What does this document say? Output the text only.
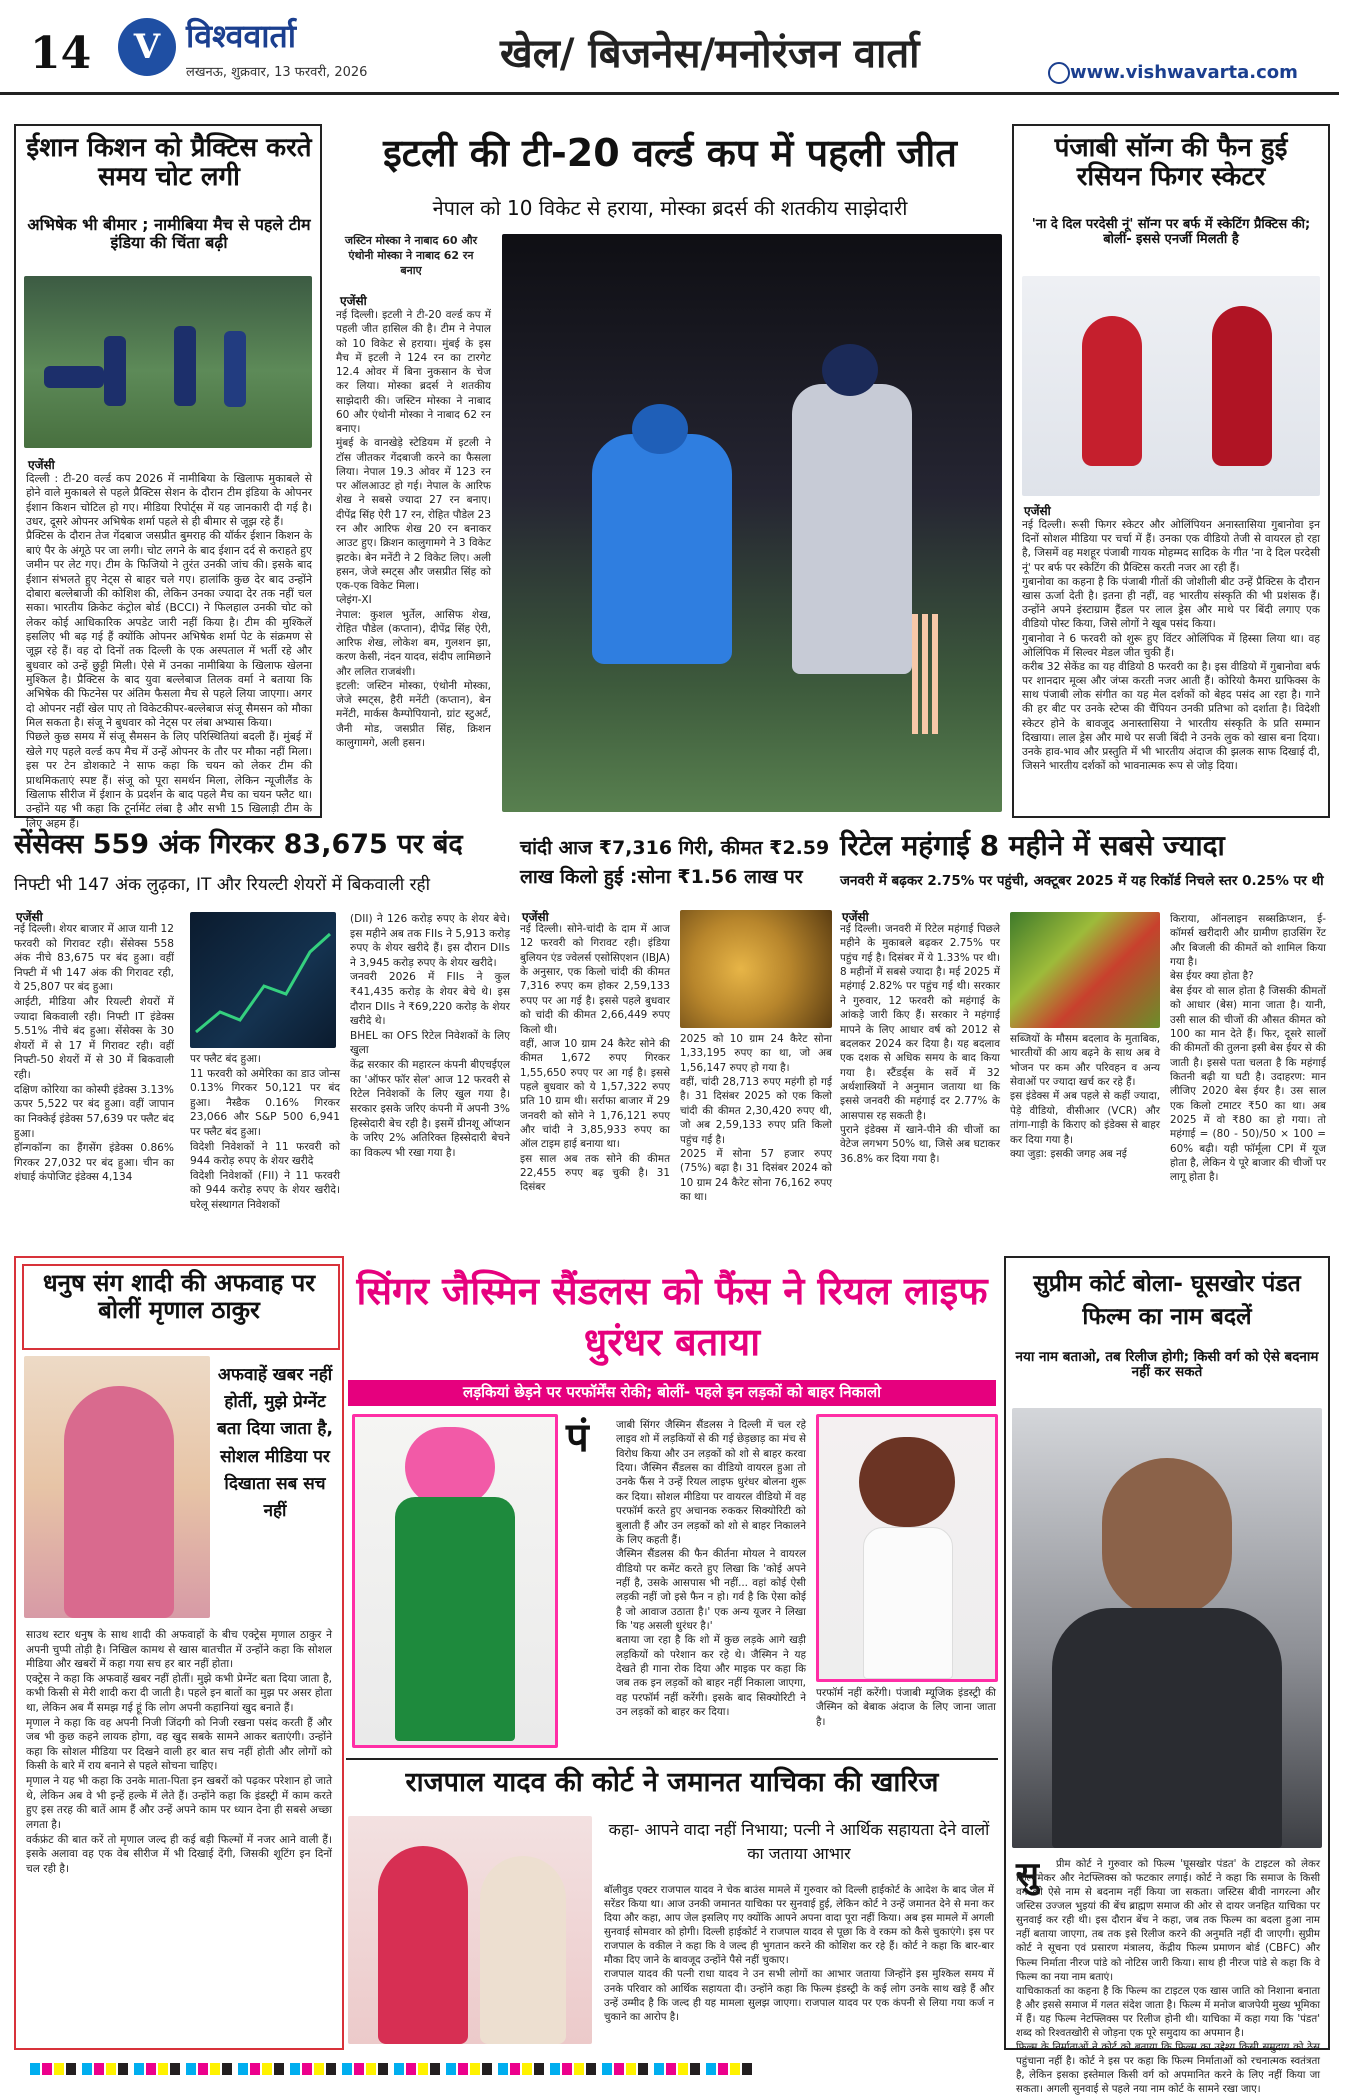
14	V विश्ववार्ता
लखनऊ, शुक्रवार, 13 फरवरी, 2026	खेल/ बिजनेस/मनोरंजन वार्ता	www.vishwavarta.com
ईशान किशन को प्रैक्टिस करते समय चोट लगी
अभिषेक भी बीमार ; नामीबिया मैच से पहले टीम इंडिया की चिंता बढ़ी
एजेंसी
दिल्ली : टी-20 वर्ल्ड कप 2026 में नामीबिया के खिलाफ मुकाबले से होने वाले मुकाबले से पहले प्रैक्टिस सेशन के दौरान टीम इंडिया के ओपनर ईशान किशन चोटिल हो गए। मीडिया रिपोर्ट्स में यह जानकारी दी गई है। उधर, दूसरे ओपनर अभिषेक शर्मा पहले से ही बीमार से जूझ रहे हैं।
प्रैक्टिस के दौरान तेज गेंदबाज जसप्रीत बुमराह की यॉर्कर ईशान किशन के बाएं पैर के अंगूठे पर जा लगी। चोट लगने के बाद ईशान दर्द से कराहते हुए जमीन पर लेट गए। टीम के फिजियो ने तुरंत उनकी जांच की। इसके बाद ईशान संभलते हुए नेट्स से बाहर चले गए। हालांकि कुछ देर बाद उन्होंने दोबारा बल्लेबाजी की कोशिश की, लेकिन उनका ज्यादा देर तक नहीं चल सका। भारतीय क्रिकेट कंट्रोल बोर्ड (BCCI) ने फिलहाल उनकी चोट को लेकर कोई आधिकारिक अपडेट जारी नहीं किया है। टीम की मुश्किलें इसलिए भी बढ़ गई हैं क्योंकि ओपनर अभिषेक शर्मा पेट के संक्रमण से जूझ रहे हैं। वह दो दिनों तक दिल्ली के एक अस्पताल में भर्ती रहे और बुधवार को उन्हें छुट्टी मिली। ऐसे में उनका नामीबिया के खिलाफ खेलना मुश्किल है। प्रैक्टिस के बाद युवा बल्लेबाज तिलक वर्मा ने बताया कि अभिषेक की फिटनेस पर अंतिम फैसला मैच से पहले लिया जाएगा। अगर दो ओपनर नहीं खेल पाए तो विकेटकीपर-बल्लेबाज संजू सैमसन को मौका मिल सकता है। संजू ने बुधवार को नेट्स पर लंबा अभ्यास किया।
पिछले कुछ समय में संजू सैमसन के लिए परिस्थितियां बदली हैं। मुंबई में खेले गए पहले वर्ल्ड कप मैच में उन्हें ओपनर के तौर पर मौका नहीं मिला। इस पर टेन डोशकाटे ने साफ कहा कि चयन को लेकर टीम की प्राथमिकताएं स्पष्ट हैं। संजू को पूरा समर्थन मिला, लेकिन न्यूजीलैंड के खिलाफ सीरीज में ईशान के प्रदर्शन के बाद पहले मैच का चयन फ्लैट था। उन्होंने यह भी कहा कि टूर्नामेंट लंबा है और सभी 15 खिलाड़ी टीम के लिए अहम हैं।
इटली की टी-20 वर्ल्ड कप में पहली जीत
नेपाल को 10 विकेट से हराया, मोस्का ब्रदर्स की शतकीय साझेदारी
जस्टिन मोस्का ने नाबाद 60 और एंथोनी मोस्का ने नाबाद 62 रन बनाए
एजेंसी
नई दिल्ली। इटली ने टी-20 वर्ल्ड कप में पहली जीत हासिल की है। टीम ने नेपाल को 10 विकेट से हराया। मुंबई के इस मैच में इटली ने 124 रन का टारगेट 12.4 ओवर में बिना नुकसान के चेज कर लिया। मोस्का ब्रदर्स ने शतकीय साझेदारी की। जस्टिन मोस्का ने नाबाद 60 और एंथोनी मोस्का ने नाबाद 62 रन बनाए।
मुंबई के वानखेड़े स्टेडियम में इटली ने टॉस जीतकर गेंदबाजी करने का फैसला लिया। नेपाल 19.3 ओवर में 123 रन पर ऑलआउट हो गई। नेपाल के आरिफ शेख ने सबसे ज्यादा 27 रन बनाए। दीपेंद्र सिंह ऐरी 17 रन, रोहित पौडेल 23 रन और आरिफ शेख 20 रन बनाकर आउट हुए। क्रिशन कालुगामगे ने 3 विकेट झटके। बेन मनेंटी ने 2 विकेट लिए। अली हसन, जेजे स्मट्स और जसप्रीत सिंह को एक-एक विकेट मिला।
प्लेइंग-XI
नेपाल: कुशल भुर्तेल, आसिफ शेख, रोहित पौडेल (कप्तान), दीपेंद्र सिंह ऐरी, आरिफ शेख, लोकेश बम, गुलशन झा, करण केसी, नंदन यादव, संदीप लामिछाने और ललित राजबंशी।
इटली: जस्टिन मोस्का, एंथोनी मोस्का, जेजे स्मट्स, हैरी मनेंटी (कप्तान), बेन मनेंटी, मार्कस कैम्पोपियानो, ग्रांट स्टुअर्ट, जैनी मोड, जसप्रीत सिंह, क्रिशन कालुगामगे, अली हसन।
पंजाबी सॉन्ग की फैन हुई रसियन फिगर स्केटर
'ना दे दिल परदेसी नूं' सॉन्ग पर बर्फ में स्केटिंग प्रैक्टिस की; बोलीं- इससे एनर्जी मिलती है
एजेंसी
नई दिल्ली। रूसी फिगर स्केटर और ओलिंपियन अनास्तासिया गुबानोवा इन दिनों सोशल मीडिया पर चर्चा में हैं। उनका एक वीडियो तेजी से वायरल हो रहा है, जिसमें वह मशहूर पंजाबी गायक मोहम्मद सादिक के गीत 'ना दे दिल परदेसी नूं' पर बर्फ पर स्केटिंग की प्रैक्टिस करती नजर आ रही हैं।
गुबानोवा का कहना है कि पंजाबी गीतों की जोशीली बीट उन्हें प्रैक्टिस के दौरान खास ऊर्जा देती है। इतना ही नहीं, वह भारतीय संस्कृति की भी प्रशंसक हैं। उन्होंने अपने इंस्टाग्राम हैंडल पर लाल ड्रेस और माथे पर बिंदी लगाए एक वीडियो पोस्ट किया, जिसे लोगों ने खूब पसंद किया।
गुबानोवा ने 6 फरवरी को शुरू हुए विंटर ओलिंपिक में हिस्सा लिया था। वह ओलिंपिक में सिल्वर मेडल जीत चुकी हैं।
करीब 32 सेकेंड का यह वीडियो 8 फरवरी का है। इस वीडियो में गुबानोवा बर्फ पर शानदार मूव्स और जंप्स करती नजर आती हैं। कोरियो कैमरा ग्राफिक्स के साथ पंजाबी लोक संगीत का यह मेल दर्शकों को बेहद पसंद आ रहा है। गाने की हर बीट पर उनके स्टेप्स की चैंपियन उनकी प्रतिभा को दर्शाता है। विदेशी स्केटर होने के बावजूद अनास्तासिया ने भारतीय संस्कृति के प्रति सम्मान दिखाया। लाल ड्रेस और माथे पर सजी बिंदी ने उनके लुक को खास बना दिया। उनके हाव-भाव और प्रस्तुति में भी भारतीय अंदाज की झलक साफ दिखाई दी, जिसने भारतीय दर्शकों को भावनात्मक रूप से जोड़ दिया।
सेंसेक्स 559 अंक गिरकर 83,675 पर बंद
निफ्टी भी 147 अंक लुढ़का, IT और रियल्टी शेयरों में बिकवाली रही
एजेंसी
नई दिल्ली। शेयर बाजार में आज यानी 12 फरवरी को गिरावट रही। सेंसेक्स 558 अंक नीचे 83,675 पर बंद हुआ। वहीं निफ्टी में भी 147 अंक की गिरावट रही, ये 25,807 पर बंद हुआ।
आईटी, मीडिया और रियल्टी शेयरों में ज्यादा बिकवाली रही। निफ्टी IT इंडेक्स 5.51% नीचे बंद हुआ। सेंसेक्स के 30 शेयरों में से 17 में गिरावट रही। वहीं निफ्टी-50 शेयरों में से 30 में बिकवाली रही।
दक्षिण कोरिया का कोस्पी इंडेक्स 3.13% ऊपर 5,522 पर बंद हुआ। वहीं जापान का निक्केई इंडेक्स 57,639 पर फ्लैट बंद हुआ।
हॉन्गकॉन्ग का हैंगसेंग इंडेक्स 0.86% गिरकर 27,032 पर बंद हुआ। चीन का शंघाई कंपोजिट इंडेक्स 4,134
पर फ्लैट बंद हुआ।
11 फरवरी को अमेरिका का डाउ जोन्स 0.13% गिरकर 50,121 पर बंद हुआ। नैस्डैक 0.16% गिरकर 23,066 और S&P 500 6,941 पर फ्लैट बंद हुआ।
विदेशी निवेशकों ने 11 फरवरी को 944 करोड़ रुपए के शेयर खरीदे
विदेशी निवेशकों (FII) ने 11 फरवरी को 944 करोड़ रुपए के शेयर खरीदे। घरेलू संस्थागत निवेशकों
(DII) ने 126 करोड़ रुपए के शेयर बेचे। इस महीने अब तक FIIs ने 5,913 करोड़ रुपए के शेयर खरीदे हैं। इस दौरान DIIs ने 3,945 करोड़ रुपए के शेयर खरीदे।
जनवरी 2026 में FIIs ने कुल ₹41,435 करोड़ के शेयर बेचे थे। इस दौरान DIIs ने ₹69,220 करोड़ के शेयर खरीदे थे।
BHEL का OFS रिटेल निवेशकों के लिए खुला
केंद्र सरकार की महारत्न कंपनी बीएचईएल का 'ऑफर फॉर सेल' आज 12 फरवरी से रिटेल निवेशकों के लिए खुल गया है। सरकार इसके जरिए कंपनी में अपनी 3% हिस्सेदारी बेच रही है। इसमें ग्रीनशू ऑप्शन के जरिए 2% अतिरिक्त हिस्सेदारी बेचने का विकल्प भी रखा गया है।
चांदी आज ₹7,316 गिरी, कीमत ₹2.59 लाख किलो हुई :सोना ₹1.56 लाख पर
एजेंसी
नई दिल्ली। सोने-चांदी के दाम में आज 12 फरवरी को गिरावट रही। इंडिया बुलियन एंड ज्वेलर्स एसोसिएशन (IBJA) के अनुसार, एक किलो चांदी की कीमत 7,316 रुपए कम होकर 2,59,133 रुपए पर आ गई है। इससे पहले बुधवार को चांदी की कीमत 2,66,449 रुपए किलो थी।
वहीं, आज 10 ग्राम 24 कैरेट सोने की कीमत 1,672 रुपए गिरकर 1,55,650 रुपए पर आ गई है। इससे पहले बुधवार को ये 1,57,322 रुपए प्रति 10 ग्राम थी। सर्राफा बाजार में 29 जनवरी को सोने ने 1,76,121 रुपए और चांदी ने 3,85,933 रुपए का ऑल टाइम हाई बनाया था।
इस साल अब तक सोने की कीमत 22,455 रुपए बढ़ चुकी है। 31 दिसंबर
2025 को 10 ग्राम 24 कैरेट सोना 1,33,195 रुपए का था, जो अब 1,56,147 रुपए हो गया है।
वहीं, चांदी 28,713 रुपए महंगी हो गई है। 31 दिसंबर 2025 को एक किलो चांदी की कीमत 2,30,420 रुपए थी, जो अब 2,59,133 रुपए प्रति किलो पहुंच गई है।
2025 में सोना 57 हजार रुपए (75%) बढ़ा है। 31 दिसंबर 2024 को 10 ग्राम 24 कैरेट सोना 76,162 रुपए का था।
रिटेल महंगाई 8 महीने में सबसे ज्यादा
जनवरी में बढ़कर 2.75% पर पहुंची, अक्टूबर 2025 में यह रिकॉर्ड निचले स्तर 0.25% पर थी
एजेंसी
नई दिल्ली। जनवरी में रिटेल महंगाई पिछले महीने के मुकाबले बढ़कर 2.75% पर पहुंच गई है। दिसंबर में ये 1.33% पर थी। 8 महीनों में सबसे ज्यादा है। मई 2025 में महंगाई 2.82% पर पहुंच गई थी। सरकार ने गुरुवार, 12 फरवरी को महंगाई के आंकड़े जारी किए हैं। सरकार ने महंगाई मापने के लिए आधार वर्ष को 2012 से बदलकर 2024 कर दिया है। यह बदलाव एक दशक से अधिक समय के बाद किया गया है। स्टैंडर्ड्स के सर्वे में 32 अर्थशास्त्रियों ने अनुमान जताया था कि इससे जनवरी की महंगाई दर 2.77% के आसपास रह सकती है।
पुराने इंडेक्स में खाने-पीने की चीजों का वेटेज लगभग 50% था, जिसे अब घटाकर 36.8% कर दिया गया है।
सब्जियों के मौसम बदलाव के मुताबिक, भारतीयों की आय बढ़ने के साथ अब वे भोजन पर कम और परिवहन व अन्य सेवाओं पर ज्यादा खर्च कर रहे हैं।
इस इंडेक्स में अब पहले से कहीं ज्यादा, पेड़े वीडियो, वीसीआर (VCR) और तांगा-गाड़ी के किराए को इंडेक्स से बाहर कर दिया गया है।
क्या जुड़ा: इसकी जगह अब नई
किराया, ऑनलाइन सब्सक्रिप्शन, ई-कॉमर्स खरीदारी और ग्रामीण हाउसिंग रेंट और बिजली की कीमतें को शामिल किया गया है।
बेस ईयर क्या होता है?
बेस ईयर वो साल होता है जिसकी कीमतों को आधार (बेस) माना जाता है। यानी, उसी साल की चीजों की औसत कीमत को 100 का मान देते हैं। फिर, दूसरे सालों की कीमतों की तुलना इसी बेस ईयर से की जाती है। इससे पता चलता है कि महंगाई कितनी बढ़ी या घटी है। उदाहरण: मान लीजिए 2020 बेस ईयर है। उस साल एक किलो टमाटर ₹50 का था। अब 2025 में वो ₹80 का हो गया। तो महंगाई = (80 - 50)/50 × 100 = 60% बढ़ी। यही फॉर्मूला CPI में यूज होता है, लेकिन ये पूरे बाजार की चीजों पर लागू होता है।
धनुष संग शादी की अफवाह पर बोलीं मृणाल ठाकुर
अफवाहें खबर नहीं होतीं, मुझे प्रेग्नेंट बता दिया जाता है, सोशल मीडिया पर दिखाता सब सच नहीं
साउथ स्टार धनुष के साथ शादी की अफवाहों के बीच एक्ट्रेस मृणाल ठाकुर ने अपनी चुप्पी तोड़ी है। निखिल कामथ से खास बातचीत में उन्होंने कहा कि सोशल मीडिया और खबरों में कहा गया सच हर बार नहीं होता।
एक्ट्रेस ने कहा कि अफवाहें खबर नहीं होतीं। मुझे कभी प्रेग्नेंट बता दिया जाता है, कभी किसी से मेरी शादी करा दी जाती है। पहले इन बातों का मुझ पर असर होता था, लेकिन अब मैं समझ गई हूं कि लोग अपनी कहानियां खुद बनाते हैं।
मृणाल ने कहा कि वह अपनी निजी जिंदगी को निजी रखना पसंद करती हैं और जब भी कुछ कहने लायक होगा, वह खुद सबके सामने आकर बताएंगी। उन्होंने कहा कि सोशल मीडिया पर दिखने वाली हर बात सच नहीं होती और लोगों को किसी के बारे में राय बनाने से पहले सोचना चाहिए।
मृणाल ने यह भी कहा कि उनके माता-पिता इन खबरों को पढ़कर परेशान हो जाते थे, लेकिन अब वे भी इन्हें हल्के में लेते हैं। उन्होंने कहा कि इंडस्ट्री में काम करते हुए इस तरह की बातें आम हैं और उन्हें अपने काम पर ध्यान देना ही सबसे अच्छा लगता है।
वर्कफ्रंट की बात करें तो मृणाल जल्द ही कई बड़ी फिल्मों में नजर आने वाली हैं। इसके अलावा वह एक वेब सीरीज में भी दिखाई देंगी, जिसकी शूटिंग इन दिनों चल रही है।
सिंगर जैस्मिन सैंडलस को फैंस ने रियल लाइफ धुरंधर बताया
लड़कियां छेड़ने पर परफॉर्मेंस रोकी; बोलीं- पहले इन लड़कों को बाहर निकालो
पं	जाबी सिंगर जैस्मिन सैंडलस ने दिल्ली में चल रहे लाइव शो में लड़कियों से की गई छेड़छाड़ का मंच से विरोध किया और उन लड़कों को शो से बाहर करवा दिया। जैस्मिन सैंडलस का वीडियो वायरल हुआ तो उनके फैंस ने उन्हें रियल लाइफ धुरंधर बोलना शुरू कर दिया। सोशल मीडिया पर वायरल वीडियो में वह परफॉर्म करते हुए अचानक रुककर सिक्योरिटी को बुलाती हैं और उन लड़कों को शो से बाहर निकालने के लिए कहती हैं।
जैस्मिन सैंडलस की फैन कीर्तना मोयल ने वायरल वीडियो पर कमेंट करते हुए लिखा कि 'कोई अपने नहीं है, उसके आसपास भी नहीं... वहां कोई ऐसी लड़की नहीं जो इसे फैन न हो। गर्व है कि ऐसा कोई है जो आवाज उठाता है।' एक अन्य यूजर ने लिखा कि 'यह असली धुरंधर है।'
बताया जा रहा है कि शो में कुछ लड़के आगे खड़ी लड़कियों को परेशान कर रहे थे। जैस्मिन ने यह देखते ही गाना रोक दिया और माइक पर कहा कि जब तक इन लड़कों को बाहर नहीं निकाला जाएगा, वह परफॉर्म नहीं करेंगी। इसके बाद सिक्योरिटी ने उन लड़कों को बाहर कर दिया।
परफॉर्म नहीं करेंगी। पंजाबी म्यूजिक इंडस्ट्री की जैस्मिन को बेबाक अंदाज के लिए जाना जाता है।
राजपाल यादव की कोर्ट ने जमानत याचिका की खारिज
कहा- आपने वादा नहीं निभाया; पत्नी ने आर्थिक सहायता देने वालों का जताया आभार
बॉलीवुड एक्टर राजपाल यादव ने चेक बाउंस मामले में गुरुवार को दिल्ली हाईकोर्ट के आदेश के बाद जेल में सरेंडर किया था। आज उनकी जमानत याचिका पर सुनवाई हुई, लेकिन कोर्ट ने उन्हें जमानत देने से मना कर दिया और कहा, आप जेल इसलिए गए क्योंकि आपने अपना वादा पूरा नहीं किया। अब इस मामले में अगली सुनवाई सोमवार को होगी। दिल्ली हाईकोर्ट ने राजपाल यादव से पूछा कि वे रकम को कैसे चुकाएंगे। इस पर राजपाल के वकील ने कहा कि वे जल्द ही भुगतान करने की कोशिश कर रहे हैं। कोर्ट ने कहा कि बार-बार मौका दिए जाने के बावजूद उन्होंने पैसे नहीं चुकाए।
राजपाल यादव की पत्नी राधा यादव ने उन सभी लोगों का आभार जताया जिन्होंने इस मुश्किल समय में उनके परिवार को आर्थिक सहायता दी। उन्होंने कहा कि फिल्म इंडस्ट्री के कई लोग उनके साथ खड़े हैं और उन्हें उम्मीद है कि जल्द ही यह मामला सुलझ जाएगा। राजपाल यादव पर एक कंपनी से लिया गया कर्ज न चुकाने का आरोप है।
सुप्रीम कोर्ट बोला- घूसखोर पंडत फिल्म का नाम बदलें
नया नाम बताओ, तब रिलीज होगी; किसी वर्ग को ऐसे बदनाम नहीं कर सकते
सु	प्रीम कोर्ट ने गुरुवार को फिल्म 'घूसखोर पंडत' के टाइटल को लेकर फिल्ममेकर और नेटफ्लिक्स को फटकार लगाई। कोर्ट ने कहा कि समाज के किसी वर्ग को ऐसे नाम से बदनाम नहीं किया जा सकता। जस्टिस बीवी नागरत्ना और जस्टिस उज्जल भुइयां की बेंच ब्राह्मण समाज की ओर से दायर जनहित याचिका पर सुनवाई कर रही थी। इस दौरान बेंच ने कहा, जब तक फिल्म का बदला हुआ नाम नहीं बताया जाएगा, तब तक इसे रिलीज करने की अनुमति नहीं दी जाएगी। सुप्रीम कोर्ट ने सूचना एवं प्रसारण मंत्रालय, केंद्रीय फिल्म प्रमाणन बोर्ड (CBFC) और फिल्म निर्माता नीरज पांडे को नोटिस जारी किया। साथ ही नीरज पांडे से कहा कि वे फिल्म का नया नाम बताएं।
याचिकाकर्ता का कहना है कि फिल्म का टाइटल एक खास जाति को निशाना बनाता है और इससे समाज में गलत संदेश जाता है। फिल्म में मनोज बाजपेयी मुख्य भूमिका में हैं। यह फिल्म नेटफ्लिक्स पर रिलीज होनी थी। याचिका में कहा गया कि 'पंडत' शब्द को रिश्वतखोरी से जोड़ना एक पूरे समुदाय का अपमान है।
फिल्म के निर्माताओं ने कोर्ट को बताया कि फिल्म का उद्देश्य किसी समुदाय को ठेस पहुंचाना नहीं है। कोर्ट ने इस पर कहा कि फिल्म निर्माताओं को रचनात्मक स्वतंत्रता है, लेकिन इसका इस्तेमाल किसी वर्ग को अपमानित करने के लिए नहीं किया जा सकता। अगली सुनवाई से पहले नया नाम कोर्ट के सामने रखा जाए।
